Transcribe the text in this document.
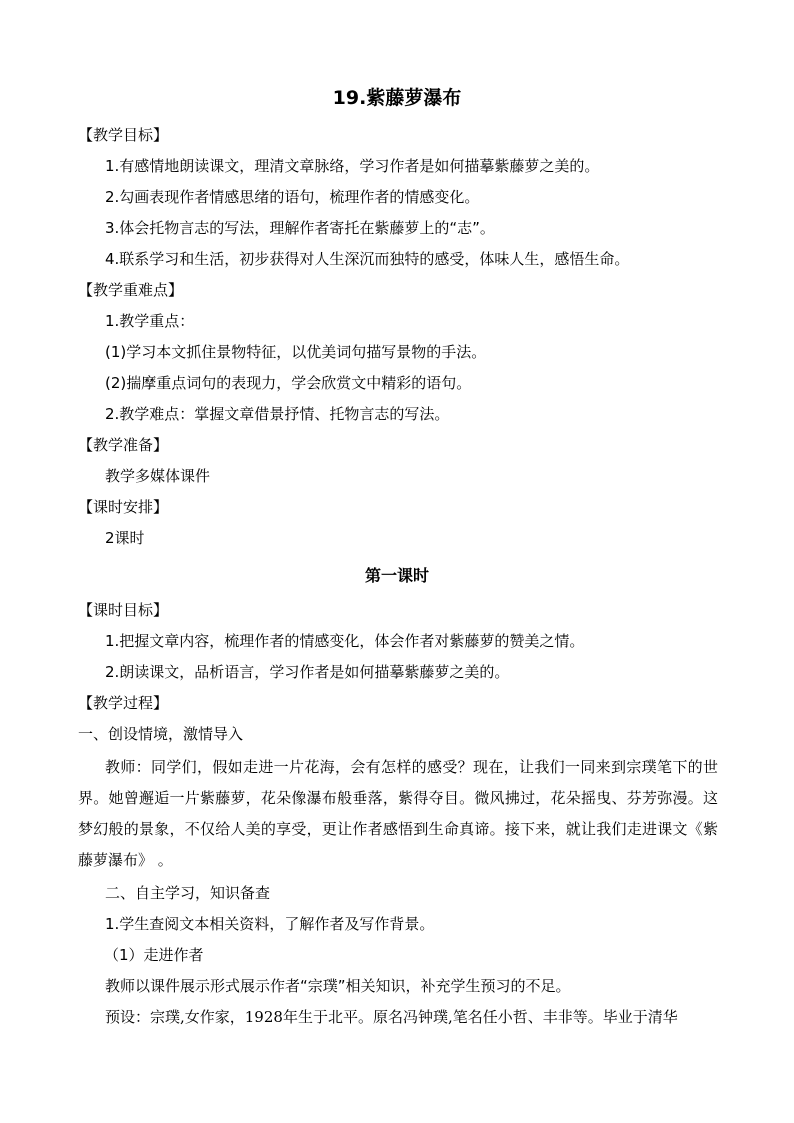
19.紫藤萝瀑布
【教学目标】
1.有感情地朗读课文，理清文章脉络，学习作者是如何描摹紫藤萝之美的。
2.勾画表现作者情感思绪的语句，梳理作者的情感变化。
3.体会托物言志的写法，理解作者寄托在紫藤萝上的“志”。
4.联系学习和生活，初步获得对人生深沉而独特的感受，体味人生，感悟生命。
【教学重难点】
1.教学重点：
(1)学习本文抓住景物特征，以优美词句描写景物的手法。
(2)揣摩重点词句的表现力，学会欣赏文中精彩的语句。
2.教学难点：掌握文章借景抒情、托物言志的写法。
【教学准备】
教学多媒体课件
【课时安排】
2课时
第一课时
【课时目标】
1.把握文章内容，梳理作者的情感变化，体会作者对紫藤萝的赞美之情。
2.朗读课文，品析语言，学习作者是如何描摹紫藤萝之美的。
【教学过程】
一、创设情境，激情导入
教师：同学们，假如走进一片花海，会有怎样的感受？现在，让我们一同来到宗璞笔下的世界。她曾邂逅一片紫藤萝，花朵像瀑布般垂落，紫得夺目。微风拂过，花朵摇曳、芬芳弥漫。这梦幻般的景象，不仅给人美的享受，更让作者感悟到生命真谛。接下来，就让我们走进课文《紫藤萝瀑布》 。
二、自主学习，知识备查
1.学生查阅文本相关资料，了解作者及写作背景。
（1）走进作者
教师以课件展示形式展示作者“宗璞”相关知识，补充学生预习的不足。
预设：宗璞,女作家，1928年生于北平。原名冯钟璞,笔名任小哲、丰非等。毕业于清华
